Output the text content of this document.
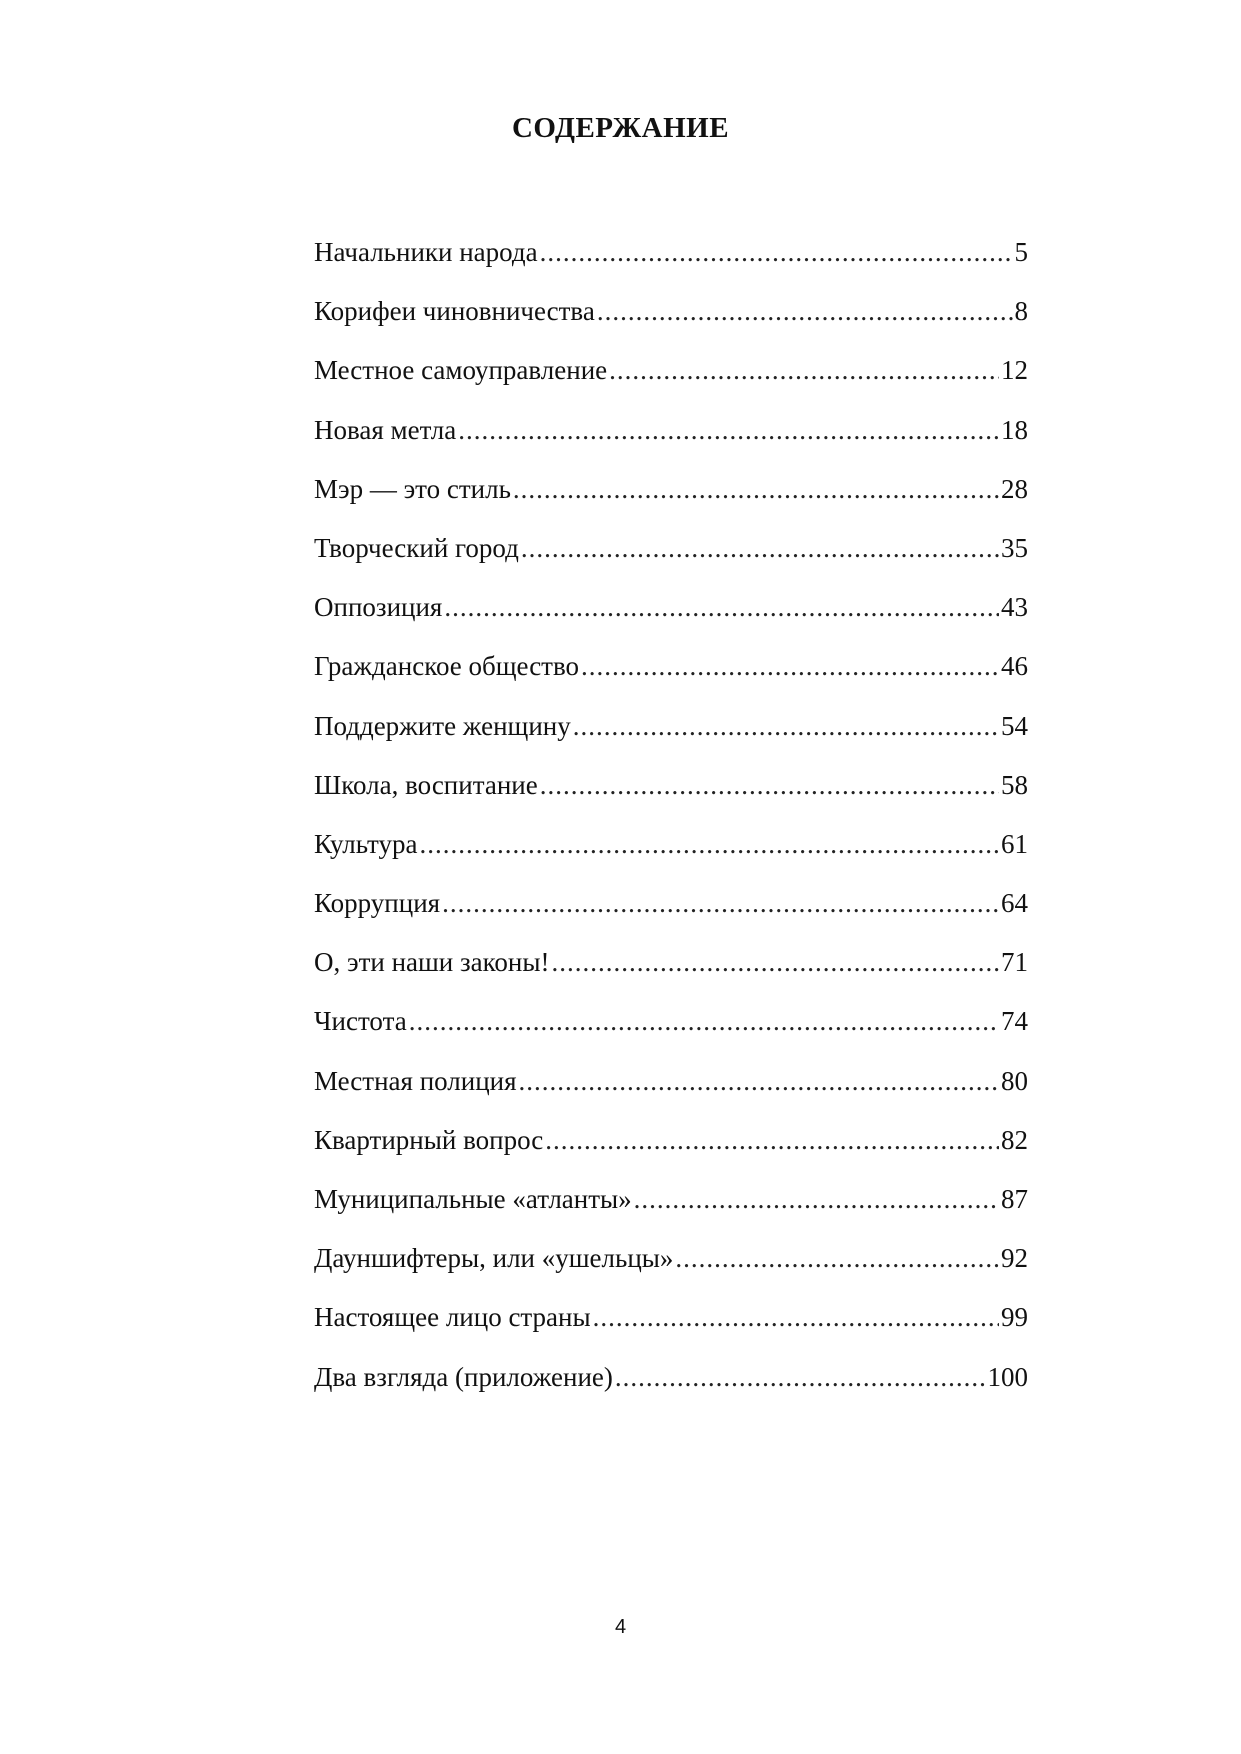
СОДЕРЖАНИЕ
Начальники народа .....	5
Корифеи чиновничества .....	8
Местное самоуправление .....	12
Новая метла .....	18
Мэр — это стиль .....	28
Творческий город .....	35
Оппозиция .....	43
Гражданское общество .....	46
Поддержите женщину .....	54
Школа, воспитание .....	58
Культура .....	61
Коррупция .....	64
О, эти наши законы! .....	71
Чистота .....	74
Местная полиция .....	80
Квартирный вопрос .....	82
Муниципальные «атланты» .....	87
Дауншифтеры, или «ушельцы» .....	92
Настоящее лицо страны .....	99
Два взгляда (приложение) .....	100
4
